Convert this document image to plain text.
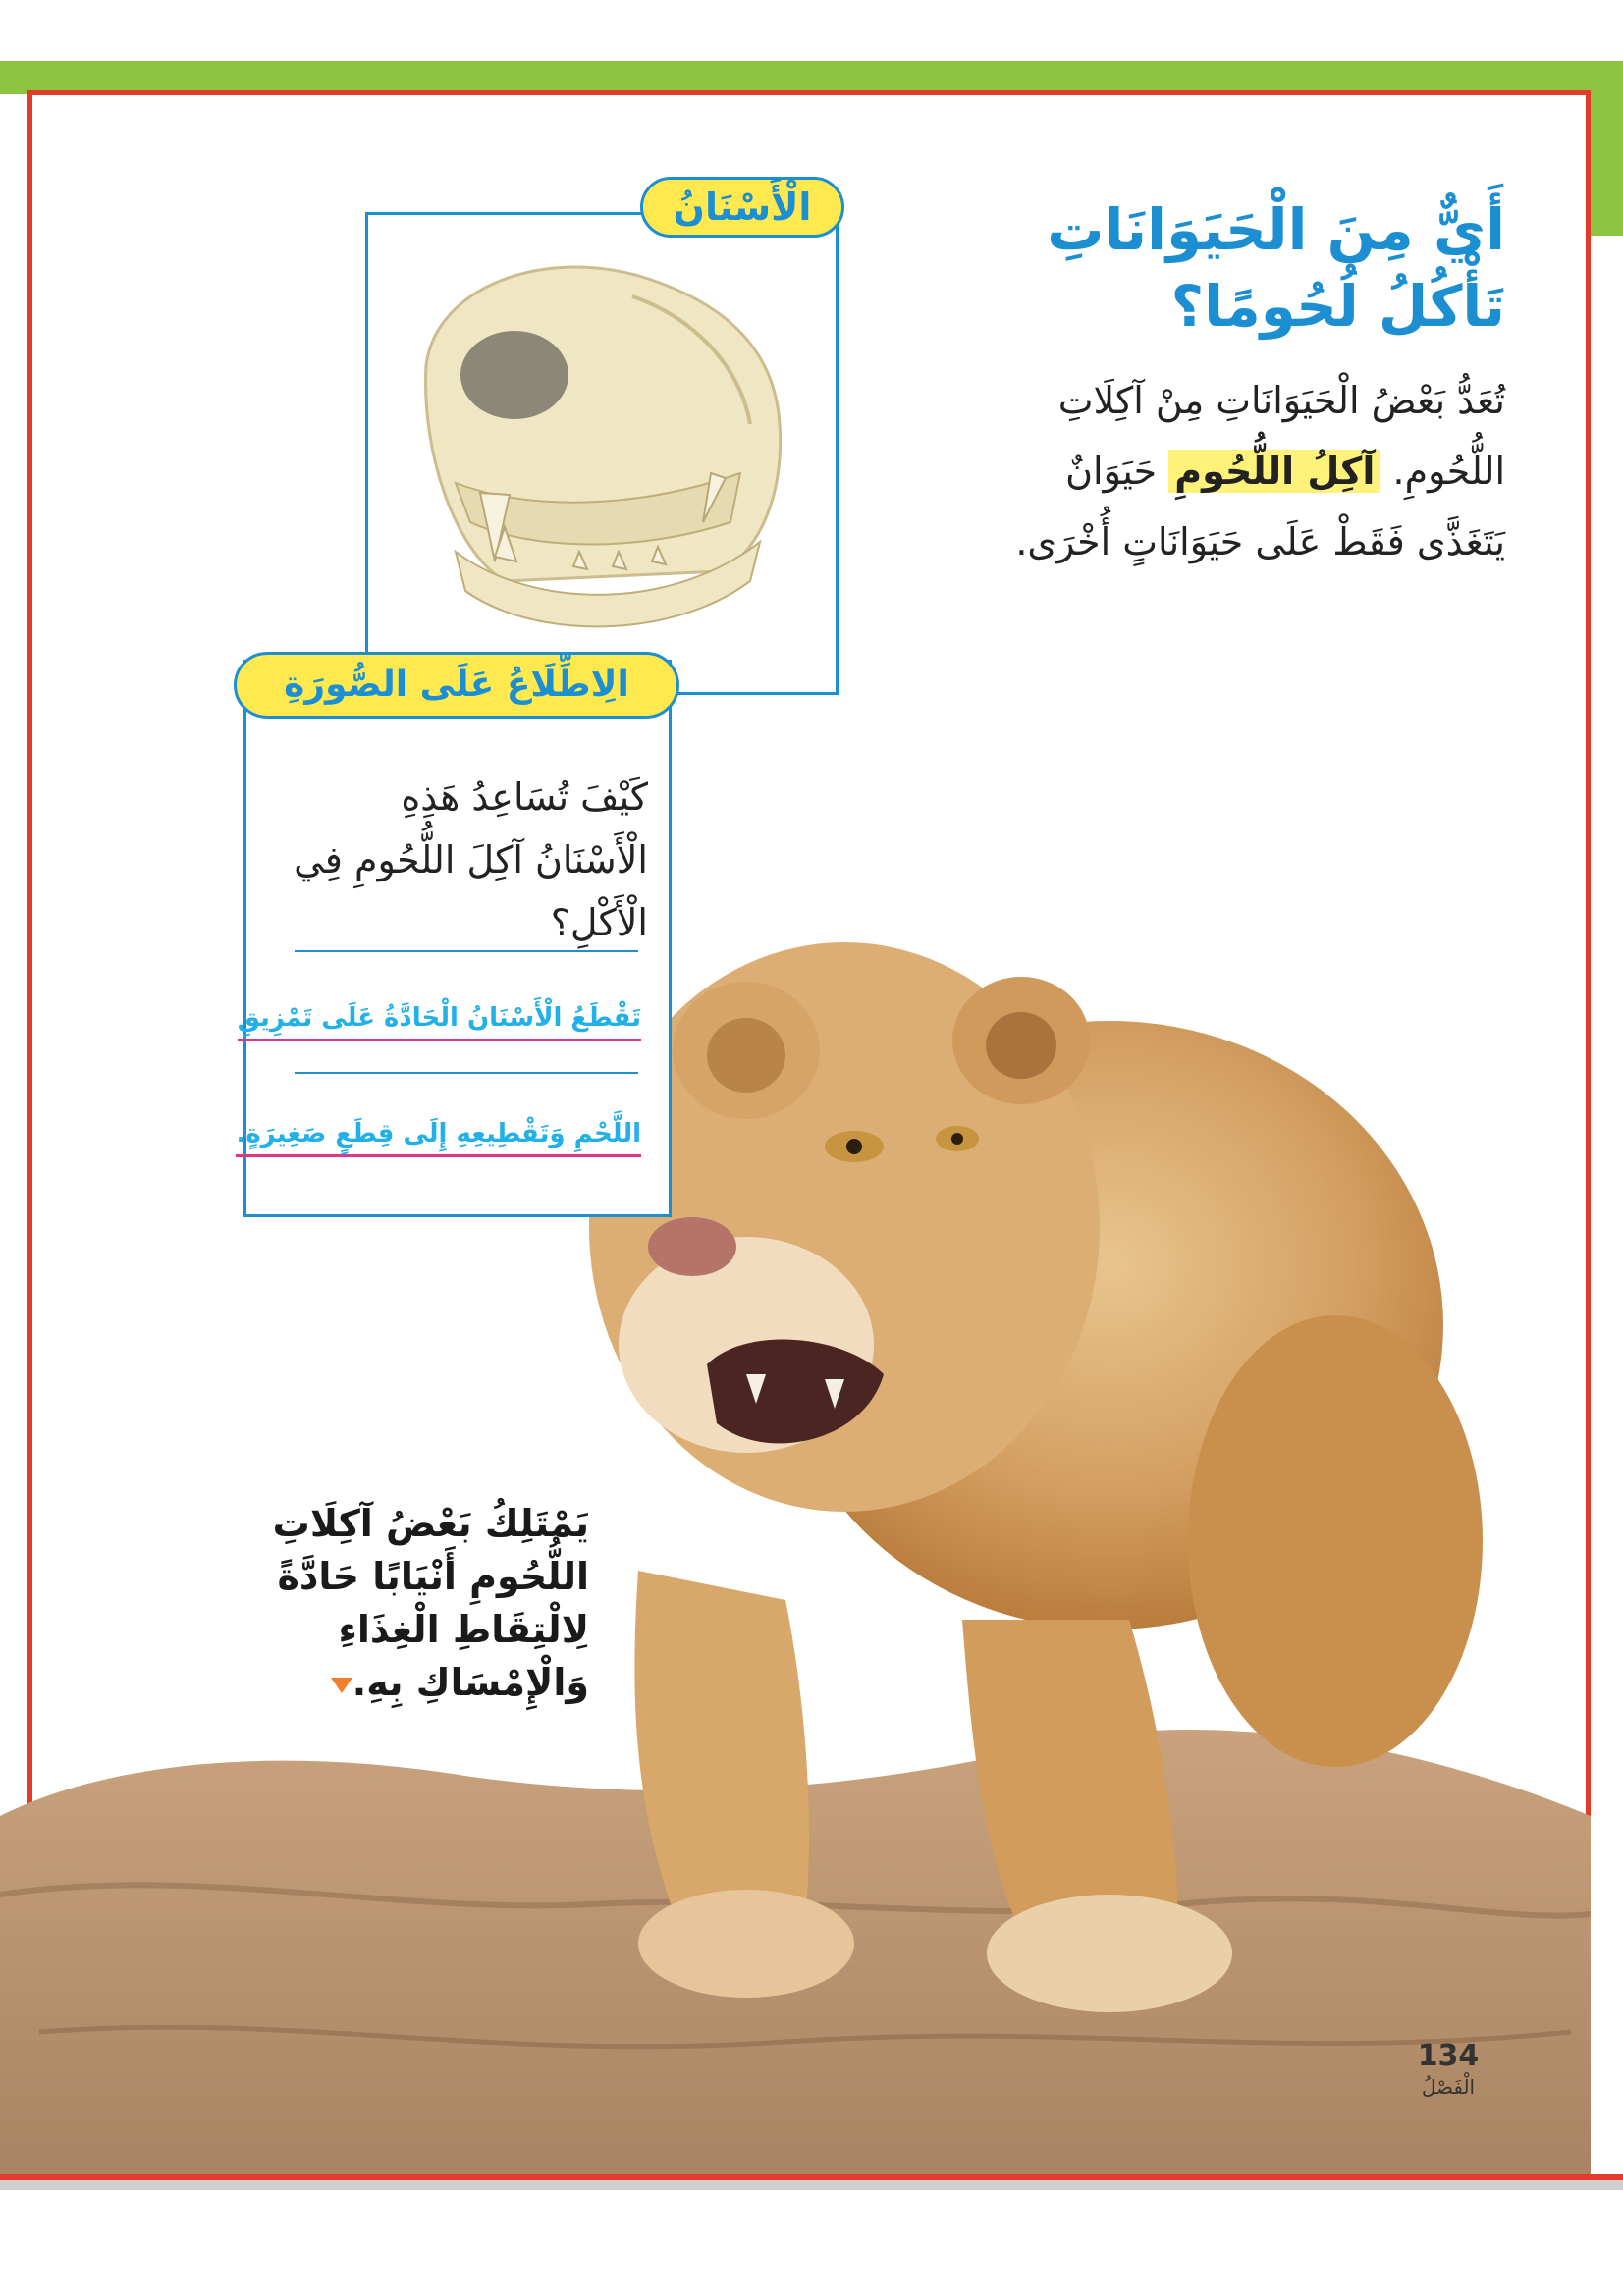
الْأَسْنَانُ
الِاطِّلَاعُ عَلَى الصُّورَةِ
كَيْفَ تُسَاعِدُ هَذِهِ الْأَسْنَانُ آكِلَ اللُّحُومِ فِي الْأَكْلِ؟
تَقْطَعُ الْأَسْنَانُ الْحَادَّةُ عَلَى تَمْزِيقِ
اللَّحْمِ وَتَقْطِيعِهِ إِلَى قِطَعٍ صَغِيرَةٍ.
أَيٌّ مِنَ الْحَيَوَانَاتِ تَأْكُلُ لُحُومًا؟
تُعَدُّ بَعْضُ الْحَيَوَانَاتِ مِنْ آكِلَاتِ اللُّحُومِ. آكِلُ اللُّحُومِ حَيَوَانٌ يَتَغَذَّى فَقَطْ عَلَى حَيَوَانَاتٍ أُخْرَى.
يَمْتَلِكُ بَعْضُ آكِلَاتِ اللُّحُومِ أَنْيَابًا حَادَّةً لِالْتِقَاطِ الْغِذَاءِ وَالْإِمْسَاكِ بِهِ.
134
الْفَصْلُ
